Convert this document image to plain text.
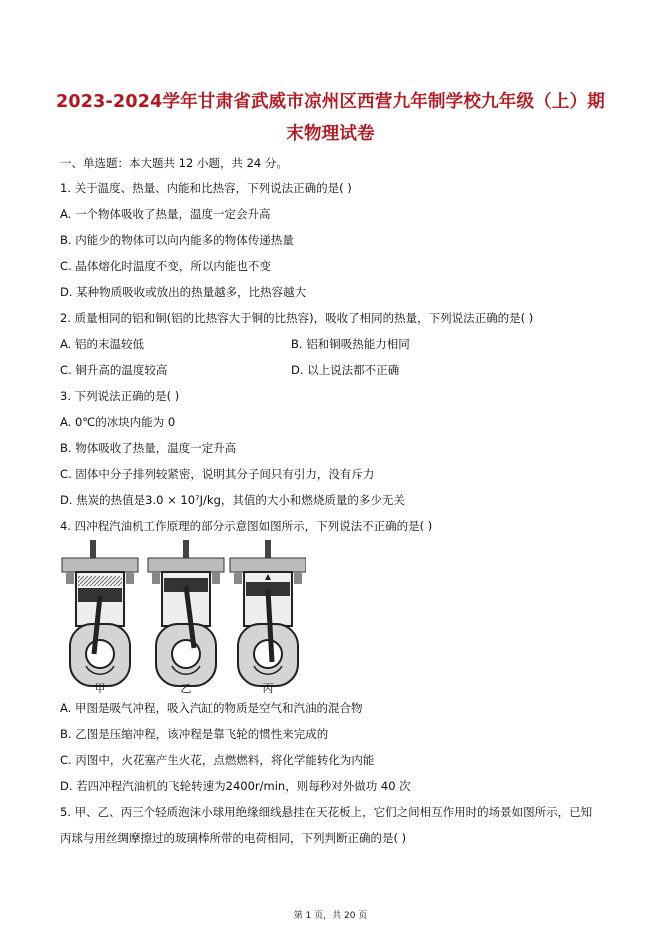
2023-2024学年甘肃省武威市凉州区西营九年制学校九年级（上）期
末物理试卷
一、单选题：本大题共 12 小题，共 24 分。
1. 关于温度、热量、内能和比热容，下列说法正确的是( )
A. 一个物体吸收了热量，温度一定会升高
B. 内能少的物体可以向内能多的物体传递热量
C. 晶体熔化时温度不变，所以内能也不变
D. 某种物质吸收或放出的热量越多，比热容越大
2. 质量相同的铝和铜(铝的比热容大于铜的比热容)，吸收了相同的热量，下列说法正确的是( )
A. 铝的末温较低	B. 铝和铜吸热能力相同
C. 铜升高的温度较高	D. 以上说法都不正确
3. 下列说法正确的是( )
A. 0℃的冰块内能为 0
B. 物体吸收了热量，温度一定升高
C. 固体中分子排列较紧密，说明其分子间只有引力，没有斥力
D. 焦炭的热值是3.0 × 10⁷J/kg，其值的大小和燃烧质量的多少无关
4. 四冲程汽油机工作原理的部分示意图如图所示，下列说法不正确的是( )
甲	乙	丙
A. 甲图是吸气冲程，吸入汽缸的物质是空气和汽油的混合物
B. 乙图是压缩冲程，该冲程是靠飞轮的惯性来完成的
C. 丙图中，火花塞产生火花，点燃燃料，将化学能转化为内能
D. 若四冲程汽油机的飞轮转速为2400r/min，则每秒对外做功 40 次
5. 甲、乙、丙三个轻质泡沫小球用绝缘细线悬挂在天花板上，它们之间相互作用时的场景如图所示，已知
丙球与用丝绸摩擦过的玻璃棒所带的电荷相同，下列判断正确的是( )
第 1 页，共 20 页
